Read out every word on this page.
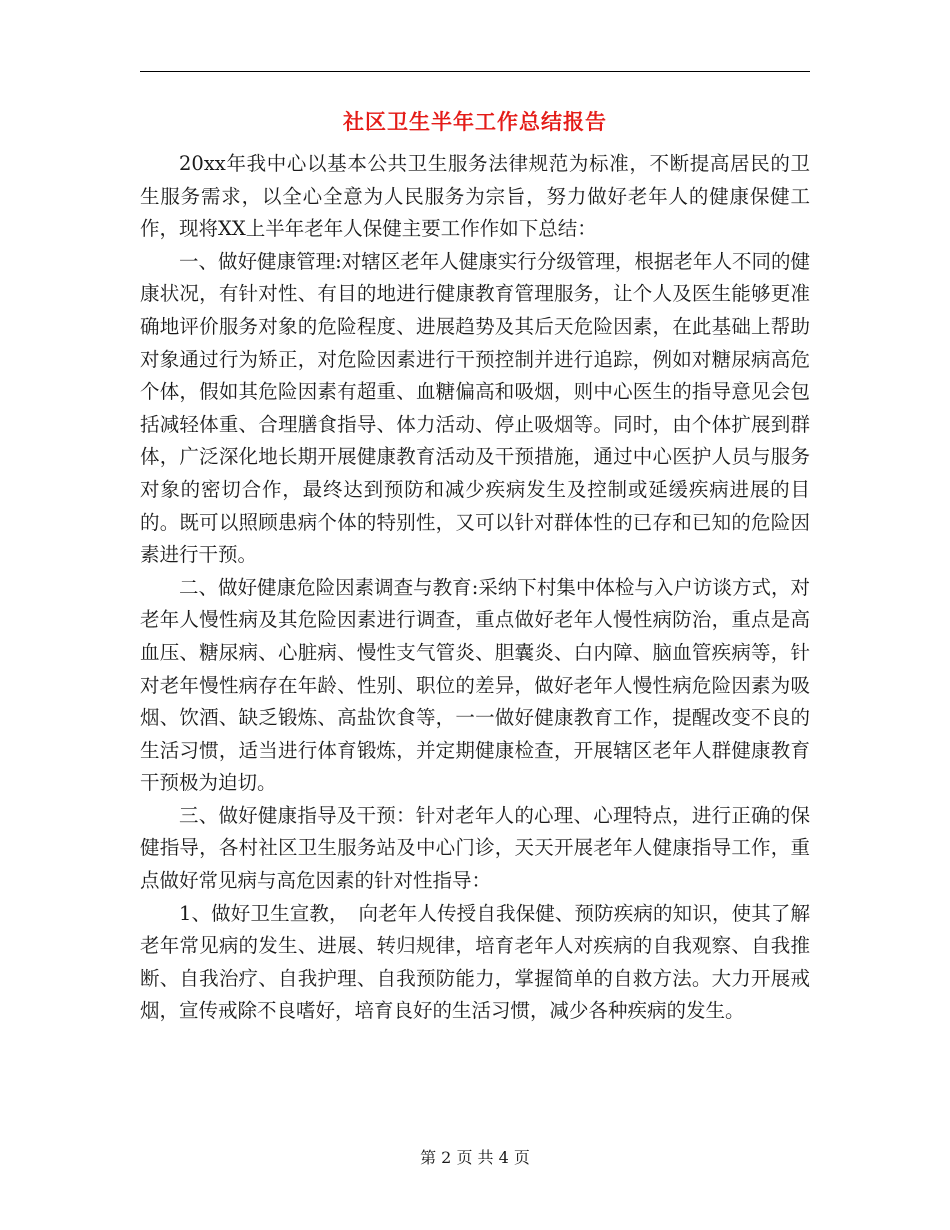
社区卫生半年工作总结报告

20xx年我中心以基本公共卫生服务法律规范为标准，不断提高居民的卫生服务需求，以全心全意为人民服务为宗旨，努力做好老年人的健康保健工作，现将XX上半年老年人保健主要工作作如下总结：

一、做好健康管理:对辖区老年人健康实行分级管理，根据老年人不同的健康状况，有针对性、有目的地进行健康教育管理服务，让个人及医生能够更准确地评价服务对象的危险程度、进展趋势及其后天危险因素，在此基础上帮助对象通过行为矫正，对危险因素进行干预控制并进行追踪，例如对糖尿病高危个体，假如其危险因素有超重、血糖偏高和吸烟，则中心医生的指导意见会包括减轻体重、合理膳食指导、体力活动、停止吸烟等。同时，由个体扩展到群体，广泛深化地长期开展健康教育活动及干预措施，通过中心医护人员与服务对象的密切合作，最终达到预防和减少疾病发生及控制或延缓疾病进展的目的。既可以照顾患病个体的特别性，又可以针对群体性的已存和已知的危险因素进行干预。

二、做好健康危险因素调查与教育:采纳下村集中体检与入户访谈方式，对老年人慢性病及其危险因素进行调查，重点做好老年人慢性病防治，重点是高血压、糖尿病、心脏病、慢性支气管炎、胆囊炎、白内障、脑血管疾病等，针对老年慢性病存在年龄、性别、职位的差异，做好老年人慢性病危险因素为吸烟、饮酒、缺乏锻炼、高盐饮食等，一一做好健康教育工作，提醒改变不良的生活习惯，适当进行体育锻炼，并定期健康检查，开展辖区老年人群健康教育干预极为迫切。

三、做好健康指导及干预：针对老年人的心理、心理特点，进行正确的保健指导，各村社区卫生服务站及中心门诊，天天开展老年人健康指导工作，重点做好常见病与高危因素的针对性指导：

1、做好卫生宣教，　向老年人传授自我保健、预防疾病的知识，使其了解老年常见病的发生、进展、转归规律，培育老年人对疾病的自我观察、自我推断、自我治疗、自我护理、自我预防能力，掌握简单的自救方法。大力开展戒烟，宣传戒除不良嗜好，培育良好的生活习惯，减少各种疾病的发生。

第 2 页 共 4 页
